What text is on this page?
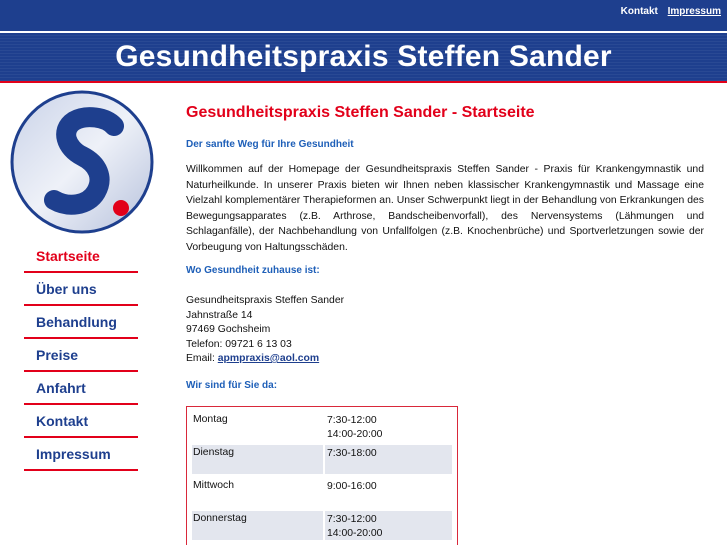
Kontakt Impressum
Gesundheitspraxis Steffen Sander
Startseite
Über uns
Behandlung
Preise
Anfahrt
Kontakt
Impressum
Gesundheitspraxis Steffen Sander - Startseite

Der sanfte Weg für Ihre Gesundheit

Willkommen auf der Homepage der Gesundheitspraxis Steffen Sander - Praxis für Krankengymnastik und Naturheilkunde. In unserer Praxis bieten wir Ihnen neben klassischer Krankengymnastik und Massage eine Vielzahl komplementärer Therapieformen an. Unser Schwerpunkt liegt in der Behandlung von Erkrankungen des Bewegungsapparates (z.B. Arthrose, Bandscheibenvorfall), des Nervensystems (Lähmungen und Schlaganfälle), der Nachbehandlung von Unfallfolgen (z.B. Knochenbrüche) und Sportverletzungen sowie der Vorbeugung von Haltungsschäden.

Wo Gesundheit zuhause ist:

Gesundheitspraxis Steffen Sander
Jahnstraße 14
97469 Gochsheim
Telefon: 09721 6 13 03
Email: apmpraxis@aol.com

Wir sind für Sie da:

Montag	7:30-12:00
14:00-20:00
Dienstag	7:30-18:00

Mittwoch	9:00-16:00

Donnerstag	7:30-12:00
14:00-20:00
